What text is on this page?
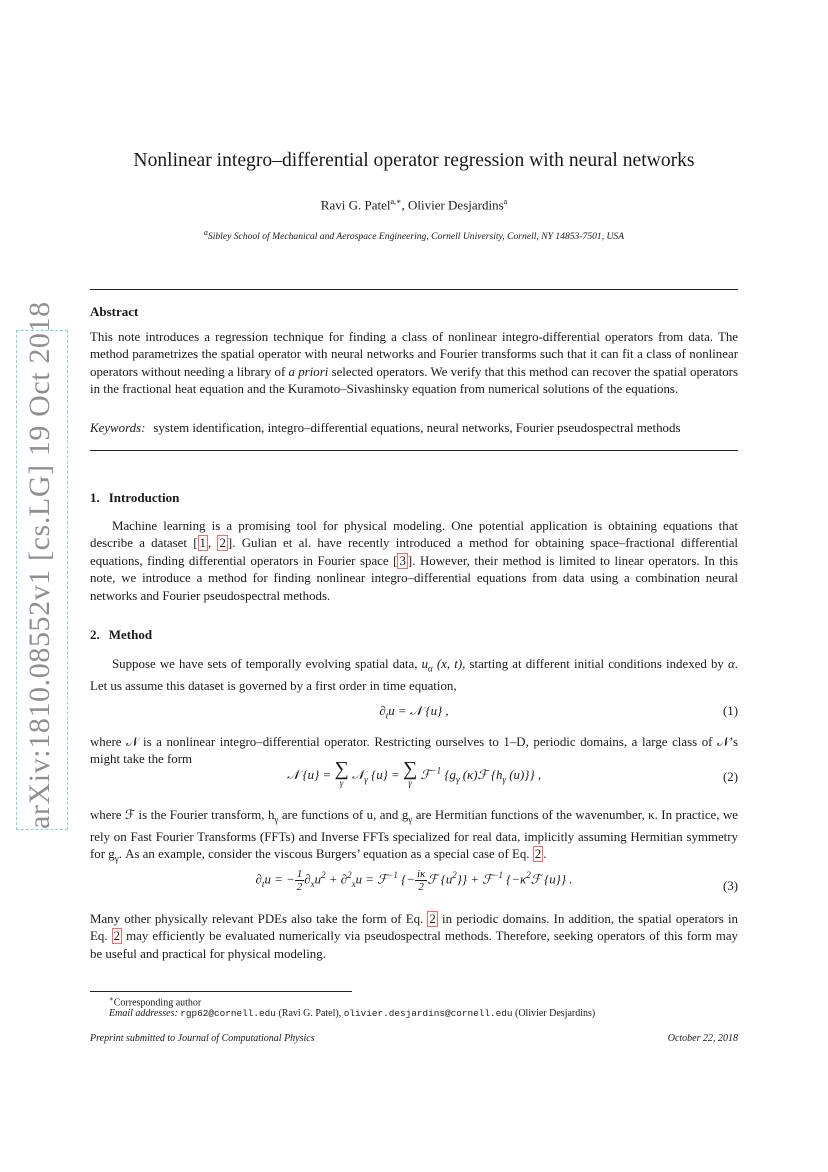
arXiv:1810.08552v1 [cs.LG] 19 Oct 2018
Nonlinear integro–differential operator regression with neural networks
Ravi G. Patel$^{a,∗}$, Olivier Desjardins$^a$
$^a$Sibley School of Mechanical and Aerospace Engineering, Cornell University, Cornell, NY 14853-7501, USA
Abstract
This note introduces a regression technique for finding a class of nonlinear integro-differential operators from data. The method parametrizes the spatial operator with neural networks and Fourier transforms such that it can fit a class of nonlinear operators without needing a library of a priori selected operators. We verify that this method can recover the spatial operators in the fractional heat equation and the Kuramoto–Sivashinsky equation from numerical solutions of the equations.
Keywords: system identification, integro–differential equations, neural networks, Fourier pseudospectral methods
1. Introduction
Machine learning is a promising tool for physical modeling. One potential application is obtaining equations that describe a dataset [ 1 , 2 ]. Gulian et al. have recently introduced a method for obtaining space–fractional differential equations, finding differential operators in Fourier space [ 3 ]. However, their method is limited to linear operators. In this note, we introduce a method for finding nonlinear integro–differential equations from data using a combination neural networks and Fourier pseudospectral methods.
2. Method
Suppose we have sets of temporally evolving spatial data, $u_\alpha$ (x, t), starting at different initial conditions indexed by α. Let us assume this dataset is governed by a first order in time equation,
$\partial_tu$ = 𝒩 {u} ,	(1)
where 𝒩 is a nonlinear integro–differential operator. Restricting ourselves to 1–D, periodic domains, a large class of 𝒩’s might take the form
𝒩 {u} = ∑
γ
𝒩$_\gamma$ {u} = ∑
γ
ℱ$^{-1}$ {$g_\gamma$ (κ)ℱ {$h_\gamma$ (u)}} ,	(2)
where ℱ is the Fourier transform, $h_\gamma$ are functions of u, and $g_\gamma$ are Hermitian functions of the wavenumber, κ. In practice, we rely on Fast Fourier Transforms (FFTs) and Inverse FFTs specialized for real data, implicitly assuming Hermitian symmetry for $g_\gamma$. As an example, consider the viscous Burgers’ equation as a special case of Eq. 2 .
$\partial_tu$ = − $\frac{1}{2} \partial_xu^2 + \partial^2_xu$ = ℱ$^{-1}$ {− $\frac{i\kappa}{2}$ ℱ $\{u^2\}$} + ℱ$^{-1}$ {$-\kappa^2ℱ$ {u}} .	(3)
Many other physically relevant PDEs also take the form of Eq. 2 in periodic domains. In addition, the spatial operators in Eq. 2 may efficiently be evaluated numerically via pseudospectral methods. Therefore, seeking operators of this form may be useful and practical for physical modeling.
∗Corresponding author
Email addresses: rgp62@cornell.edu (Ravi G. Patel), olivier.desjardins@cornell.edu (Olivier Desjardins)
Preprint submitted to Journal of Computational Physics	October 22, 2018
